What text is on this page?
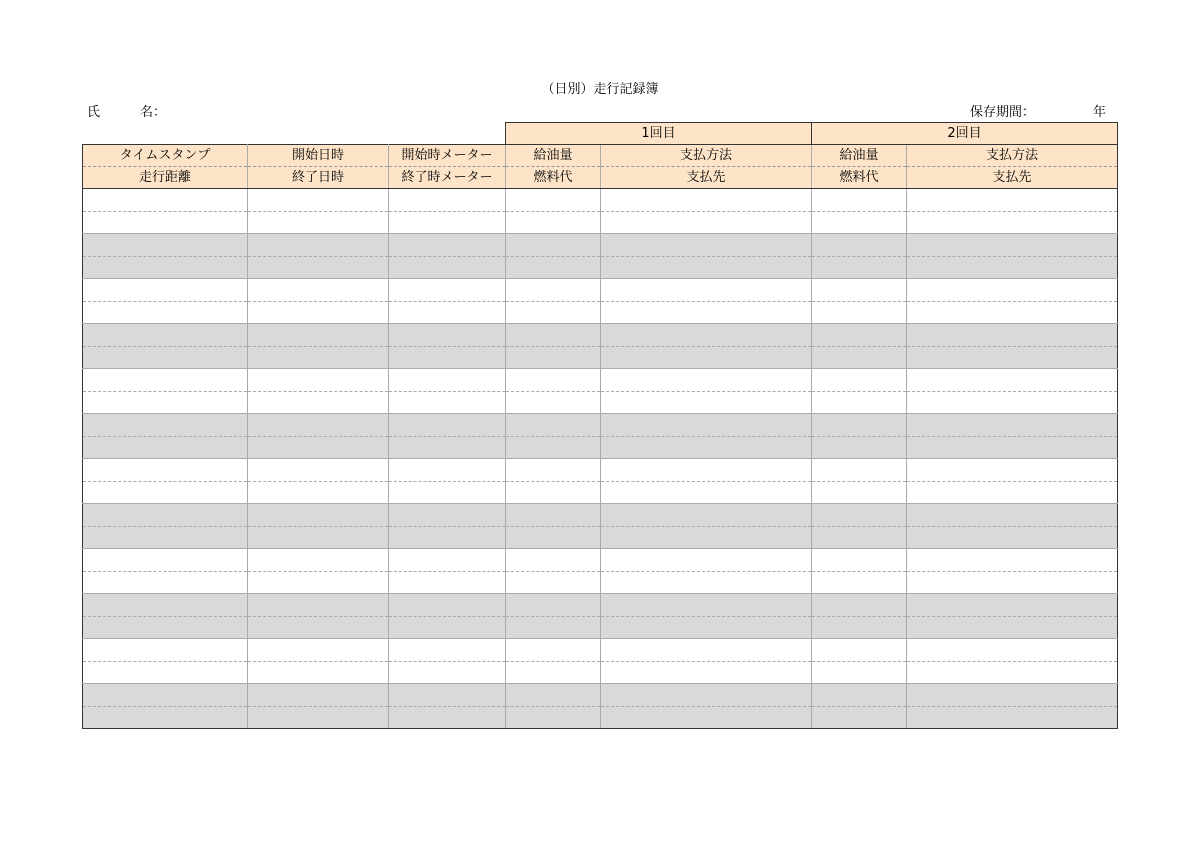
（日別）走行記録簿
氏	名：	保存期間：	年
			1回目		2回目	
タイムスタンプ	開始日時	開始時メーター	給油量	支払方法	給油量	支払方法
走行距離	終了日時	終了時メーター	燃料代	支払先	燃料代	支払先
